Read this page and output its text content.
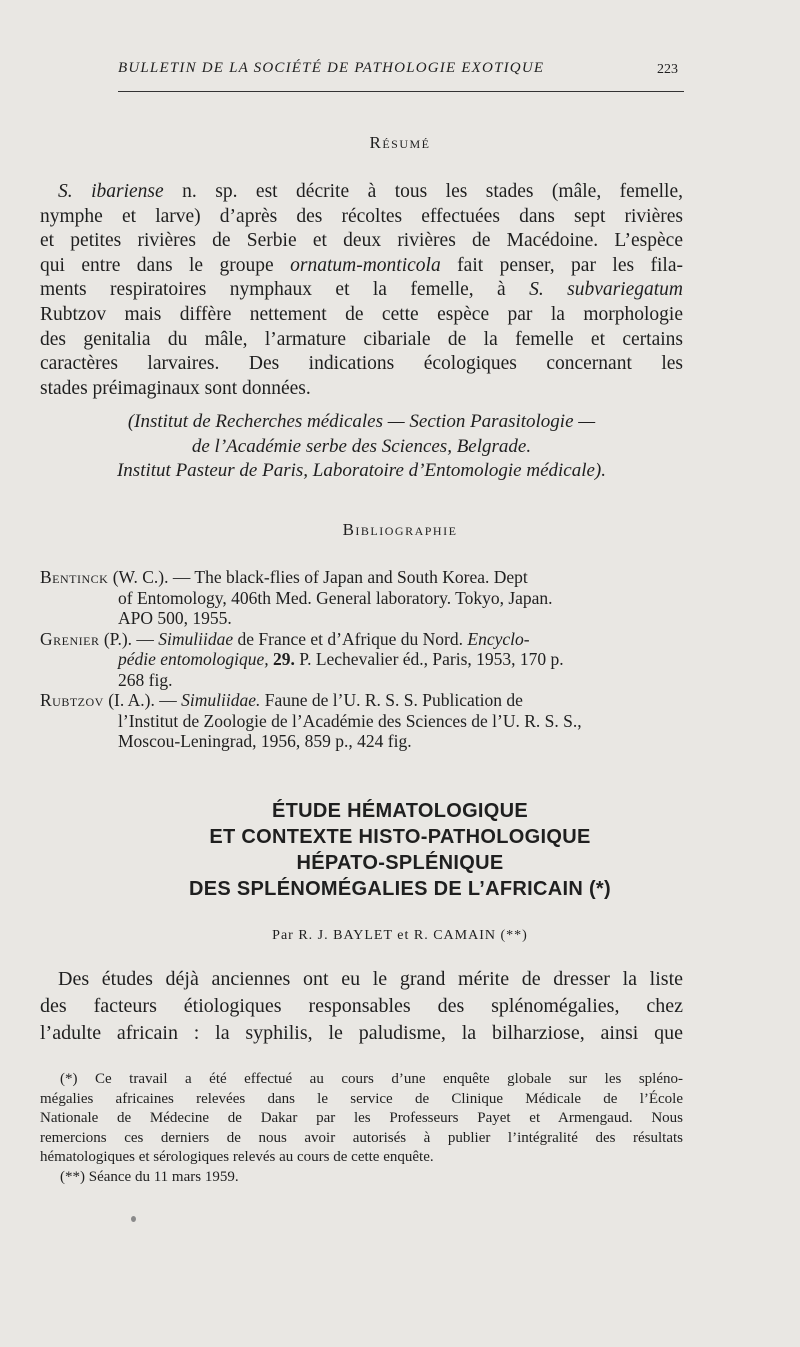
BULLETIN DE LA SOCIÉTÉ DE PATHOLOGIE EXOTIQUE	223
Résumé
S. ibariense n. sp. est décrite à tous les stades (mâle, femelle,
nymphe et larve) d’après des récoltes effectuées dans sept rivières
et petites rivières de Serbie et deux rivières de Macédoine. L’espèce
qui entre dans le groupe ornatum-monticola fait penser, par les fila-
ments respiratoires nymphaux et la femelle, à S. subvariegatum
Rubtzov mais diffère nettement de cette espèce par la morphologie
des genitalia du mâle, l’armature cibariale de la femelle et certains
caractères larvaires. Des indications écologiques concernant les
stades préimaginaux sont données.
(Institut de Recherches médicales — Section Parasitologie —
de l’Académie serbe des Sciences, Belgrade.
Institut Pasteur de Paris, Laboratoire d’Entomologie médicale).
Bibliographie
Bentinck (W. C.). — The black-flies of Japan and South Korea. Dept
of Entomology, 406th Med. General laboratory. Tokyo, Japan.
APO 500, 1955.
Grenier (P.). — Simuliidae de France et d’Afrique du Nord. Encyclo-
pédie entomologique, 29. P. Lechevalier éd., Paris, 1953, 170 p.
268 fig.
Rubtzov (I. A.). — Simuliidae. Faune de l’U. R. S. S. Publication de
l’Institut de Zoologie de l’Académie des Sciences de l’U. R. S. S.,
Moscou-Leningrad, 1956, 859 p., 424 fig.
ÉTUDE HÉMATOLOGIQUE
ET CONTEXTE HISTO-PATHOLOGIQUE
HÉPATO-SPLÉNIQUE
DES SPLÉNOMÉGALIES DE L’AFRICAIN (*)
Par R. J. BAYLET et R. CAMAIN (**)
Des études déjà anciennes ont eu le grand mérite de dresser la liste
des facteurs étiologiques responsables des splénomégalies, chez
l’adulte africain : la syphilis, le paludisme, la bilharziose, ainsi que
(*) Ce travail a été effectué au cours d’une enquête globale sur les spléno-
mégalies africaines relevées dans le service de Clinique Médicale de l’École
Nationale de Médecine de Dakar par les Professeurs Payet et Armengaud. Nous
remercions ces derniers de nous avoir autorisés à publier l’intégralité des résultats
hématologiques et sérologiques relevés au cours de cette enquête.
(**) Séance du 11 mars 1959.
